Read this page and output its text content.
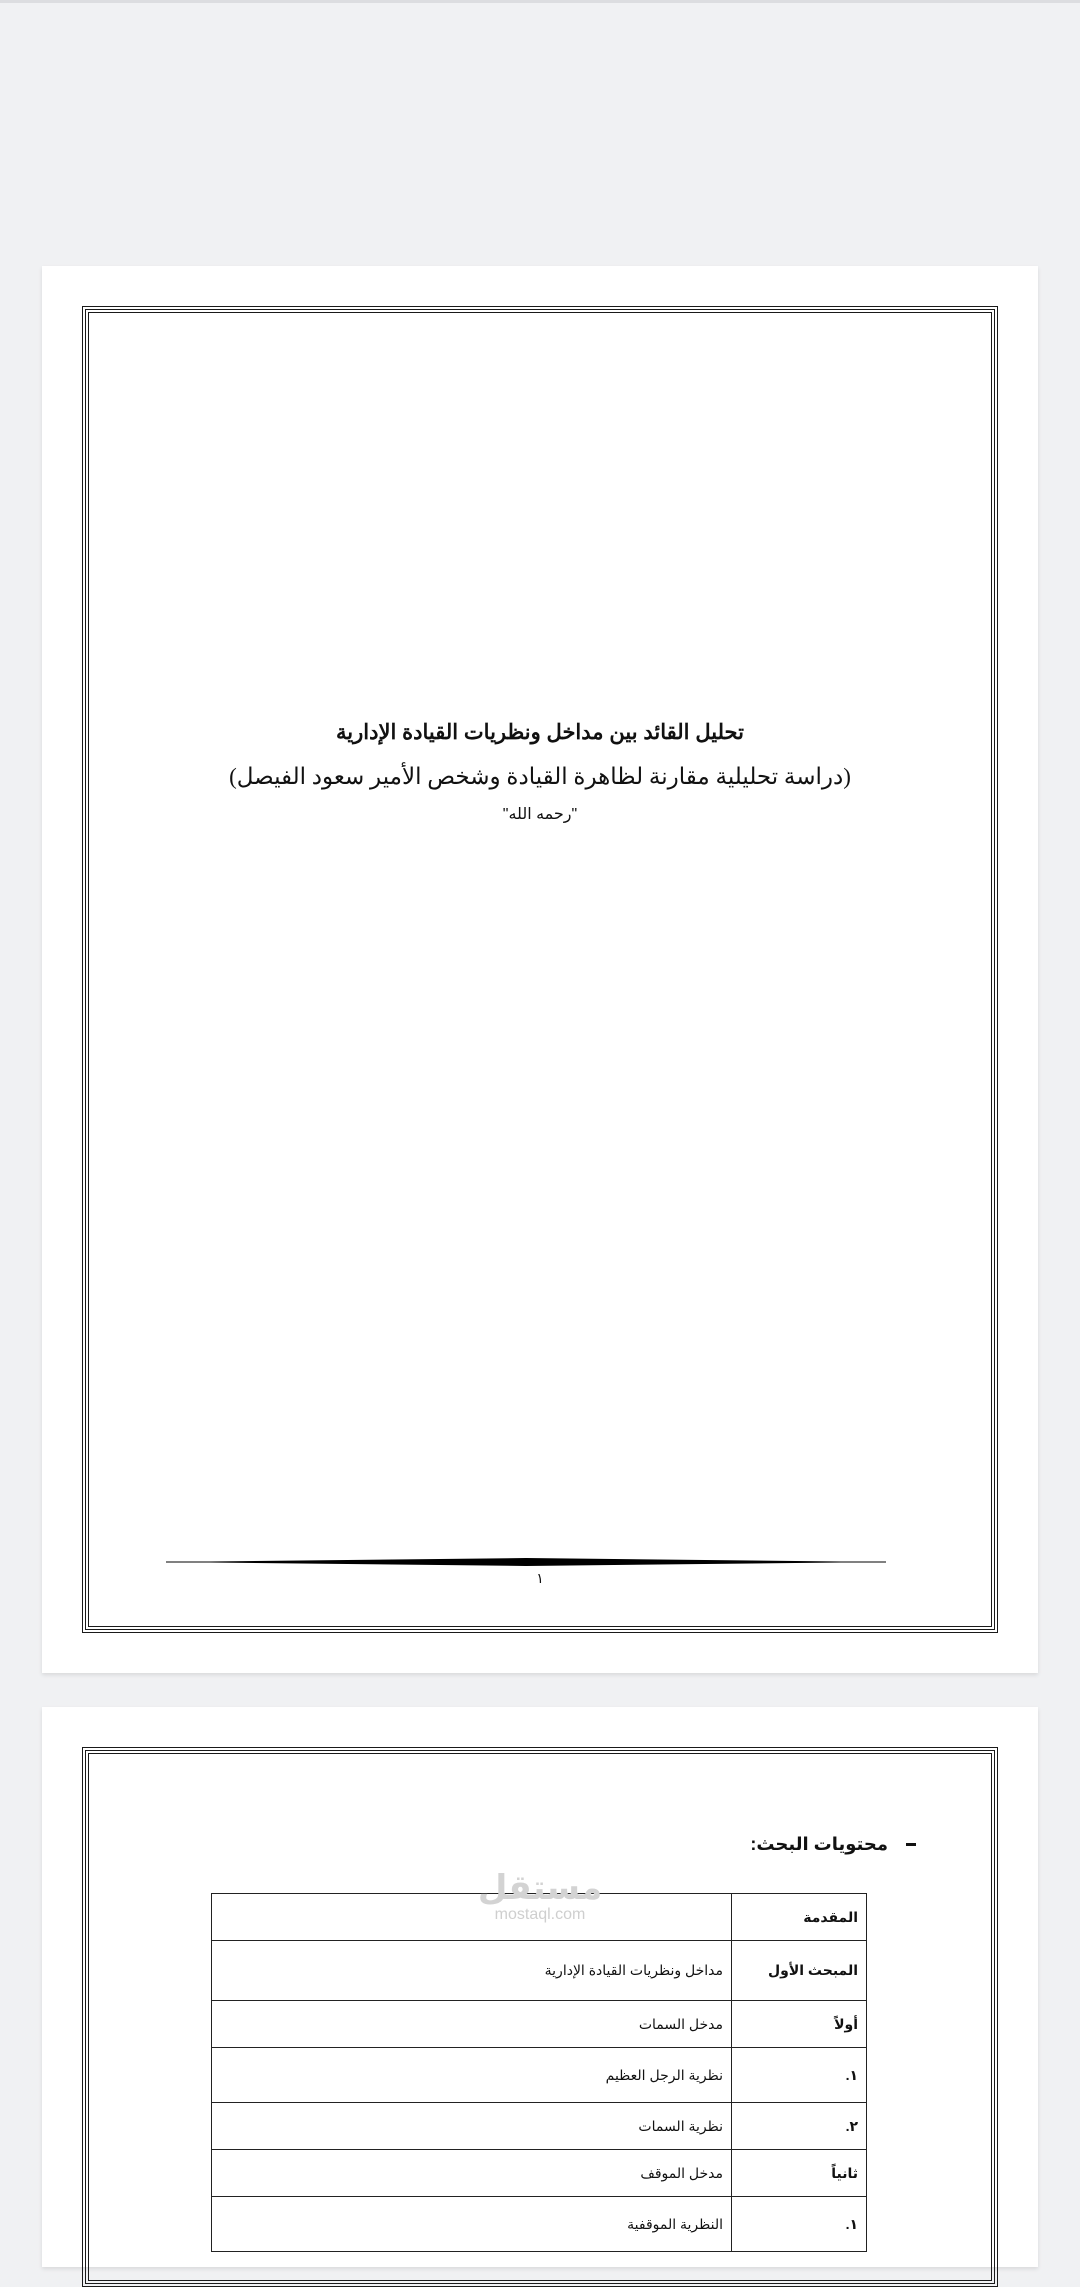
تحليل القائد بين مداخل ونظريات القيادة الإدارية
(دراسة تحليلية مقارنة لظاهرة القيادة وشخص الأمير سعود الفيصل)
"رحمه الله"
١
محتويات البحث:
المقدمة	
المبحث الأول	مداخل ونظريات القيادة الإدارية
أولاً	مدخل السمات
١.	نظرية الرجل العظيم
٢.	نظرية السمات
ثانياً	مدخل الموقف
١.	النظرية الموقفية
مستقل
mostaql.com
